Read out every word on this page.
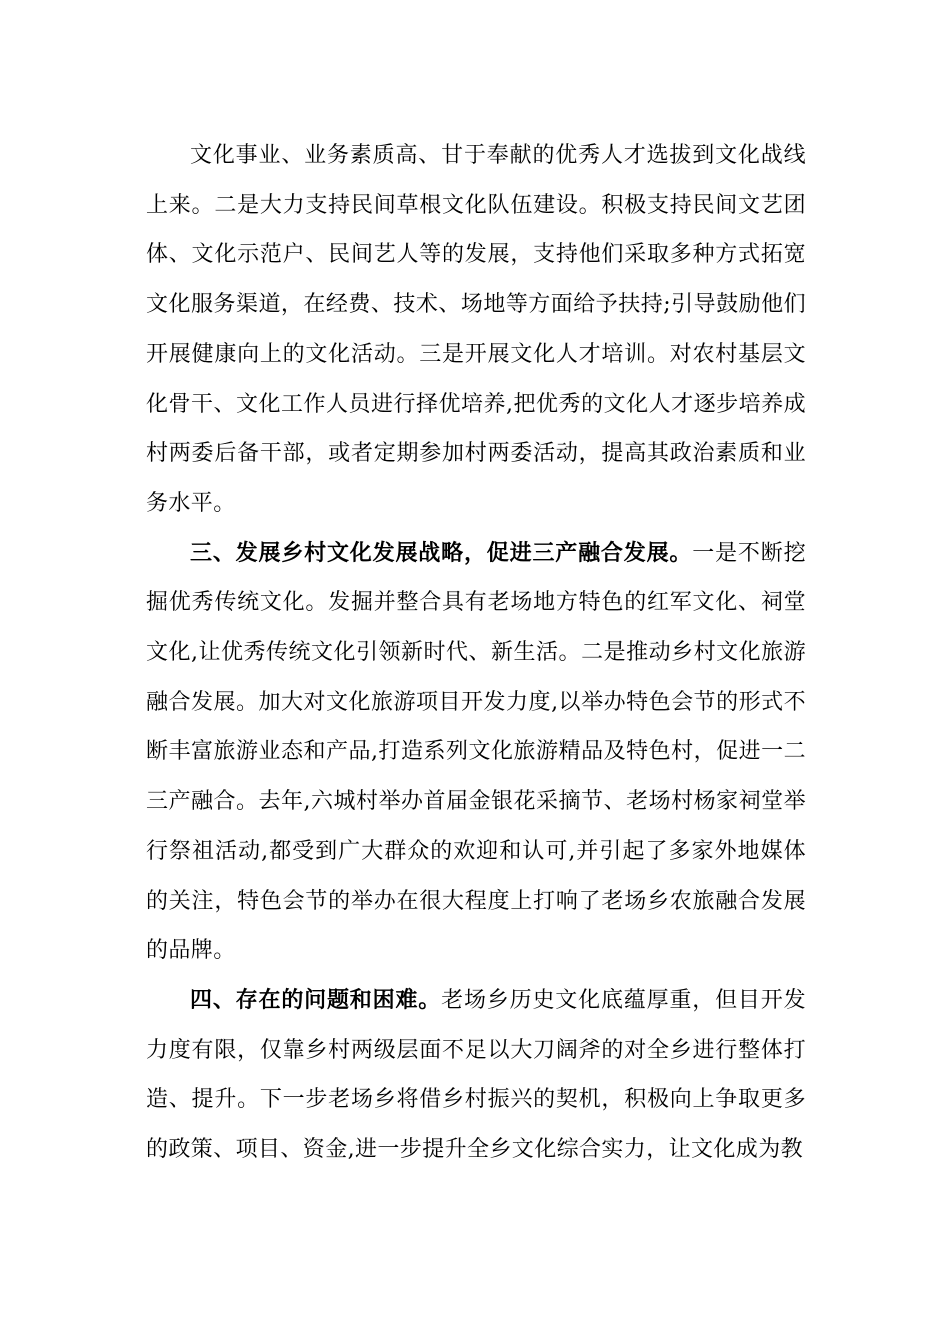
文化事业、业务素质高、甘于奉献的优秀人才选拔到文化战线上来。二是大力支持民间草根文化队伍建设。积极支持民间文艺团体、文化示范户、民间艺人等的发展，支持他们采取多种方式拓宽文化服务渠道，在经费、技术、场地等方面给予扶持;引导鼓励他们开展健康向上的文化活动。三是开展文化人才培训。对农村基层文化骨干、文化工作人员进行择优培养,把优秀的文化人才逐步培养成村两委后备干部，或者定期参加村两委活动，提高其政治素质和业务水平。

三、发展乡村文化发展战略，促进三产融合发展。一是不断挖掘优秀传统文化。发掘并整合具有老场地方特色的红军文化、祠堂文化,让优秀传统文化引领新时代、新生活。二是推动乡村文化旅游融合发展。加大对文化旅游项目开发力度,以举办特色会节的形式不断丰富旅游业态和产品,打造系列文化旅游精品及特色村，促进一二三产融合。去年,六城村举办首届金银花采摘节、老场村杨家祠堂举行祭祖活动,都受到广大群众的欢迎和认可,并引起了多家外地媒体的关注，特色会节的举办在很大程度上打响了老场乡农旅融合发展的品牌。

四、存在的问题和困难。老场乡历史文化底蕴厚重，但目开发力度有限，仅靠乡村两级层面不足以大刀阔斧的对全乡进行整体打造、提升。下一步老场乡将借乡村振兴的契机，积极向上争取更多的政策、项目、资金,进一步提升全乡文化综合实力，让文化成为教
